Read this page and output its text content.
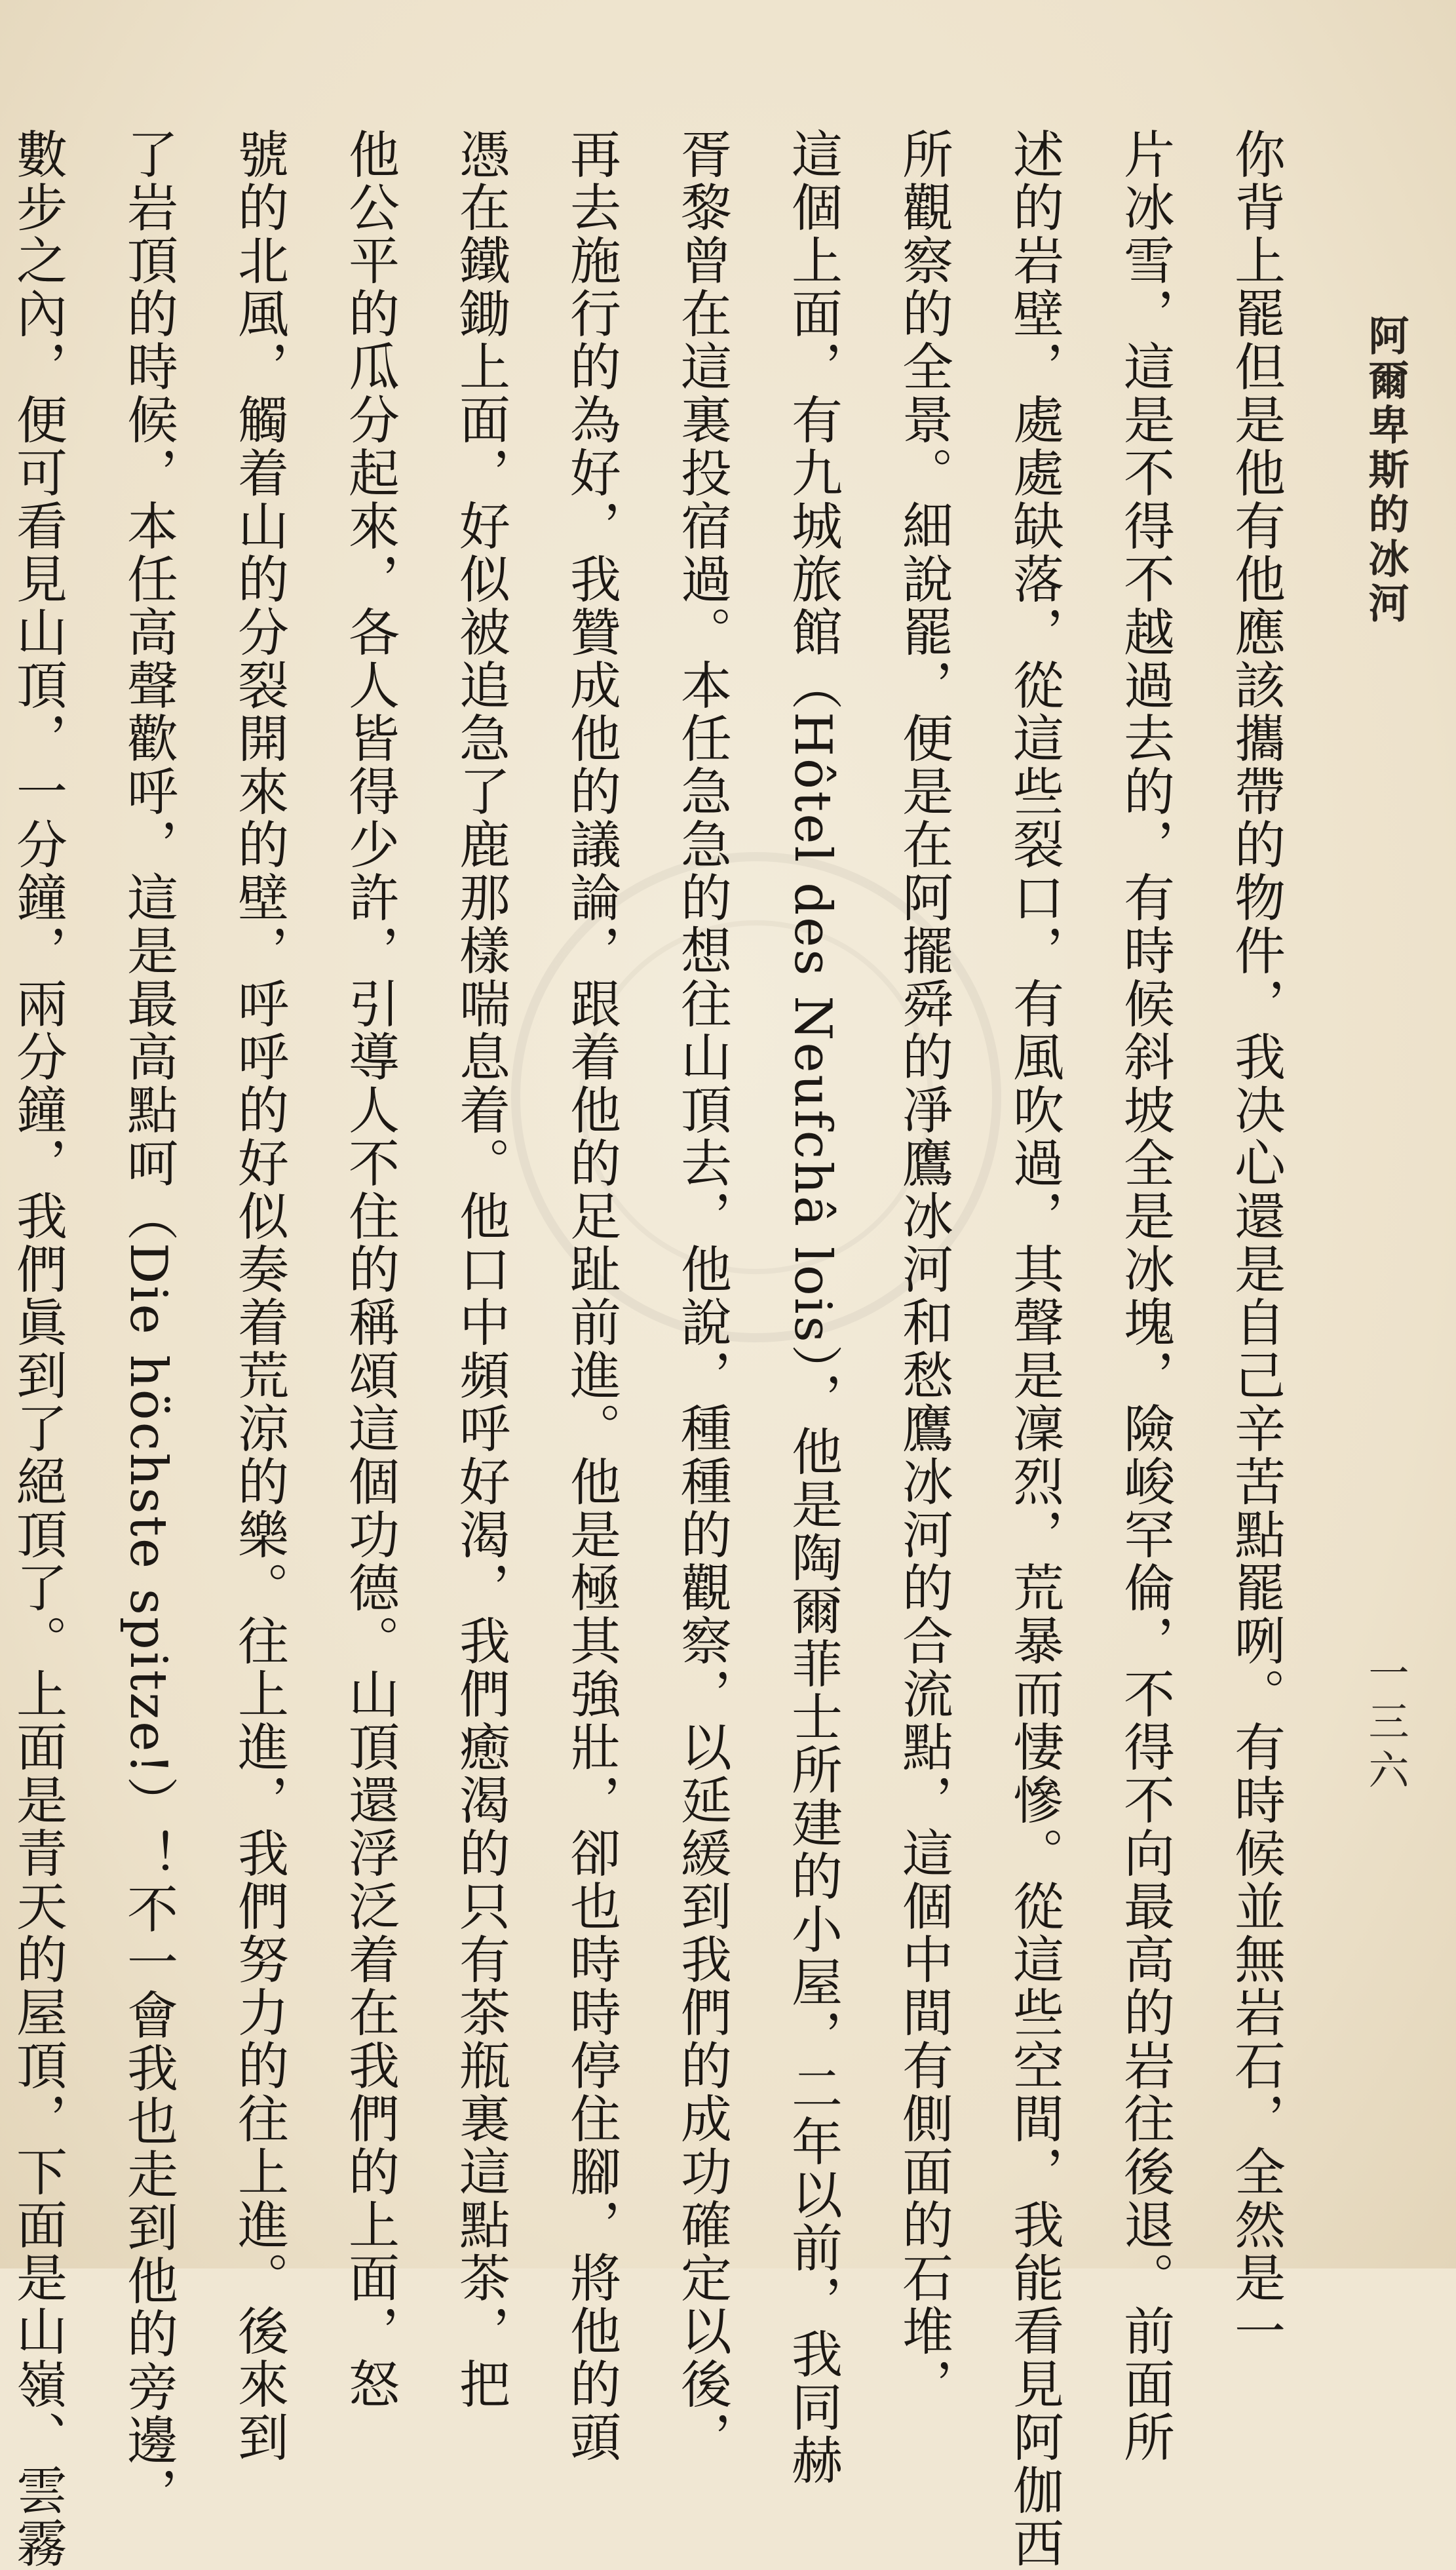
阿爾卑斯的冰河
一三六
你背上罷但是他有他應該攜帶的物件，我决心還是自己辛苦點罷咧。有時候並無岩石，全然是一
片冰雪，這是不得不越過去的，有時候斜坡全是冰塊，險峻罕倫，不得不向最高的岩往後退。前面所
述的岩壁，處處缺落，從這些裂口，有風吹過，其聲是凜烈，荒暴而悽慘。從這些空間，我能看見阿伽西
所觀察的全景。細說罷，便是在阿擺舜的凈鷹冰河和愁鷹冰河的合流點，這個中間有側面的石堆，
這個上面，有九城旅館（Hôtel des Neufchâ lois），他是陶爾菲士所建的小屋，二年以前，我同赫
胥黎曾在這裏投宿過。本任急急的想往山頂去，他說，種種的觀察，以延緩到我們的成功確定以後，
再去施行的為好，我贊成他的議論，跟着他的足趾前進。他是極其強壯，卻也時時停住腳，將他的頭
憑在鐵鋤上面，好似被追急了鹿那樣喘息着。他口中頻呼好渴，我們癒渴的只有茶瓶裏這點茶，把
他公平的瓜分起來，各人皆得少許，引導人不住的稱頌這個功德。山頂還浮泛着在我們的上面，怒
號的北風，觸着山的分裂開來的壁，呼呼的好似奏着荒涼的樂。往上進，我們努力的往上進。後來到
了岩頂的時候，本任高聲歡呼，這是最高點呵（Die höchste spitze!）！不一會我也走到他的旁邊，
數步之內，便可看見山頂，一分鐘，兩分鐘，我們眞到了絕頂了。上面是青天的屋頂，下面是山嶺、雲霧
